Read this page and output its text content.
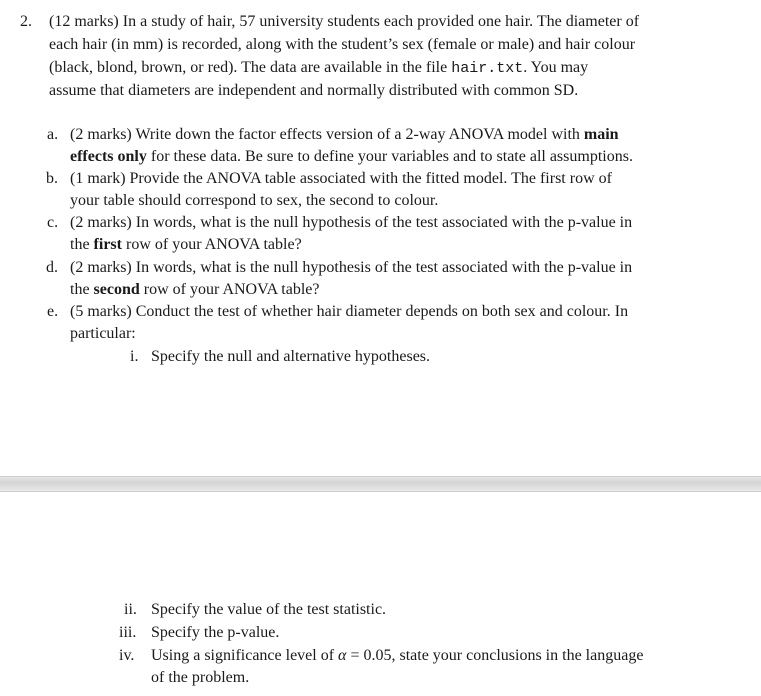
2. (12 marks) In a study of hair, 57 university students each provided one hair. The diameter of
each hair (in mm) is recorded, along with the student’s sex (female or male) and hair colour
(black, blond, brown, or red). The data are available in the file hair.txt. You may
assume that diameters are independent and normally distributed with common SD.
a. (2 marks) Write down the factor effects version of a 2-way ANOVA model with main
effects only for these data. Be sure to define your variables and to state all assumptions.
b. (1 mark) Provide the ANOVA table associated with the fitted model. The first row of
your table should correspond to sex, the second to colour.
c. (2 marks) In words, what is the null hypothesis of the test associated with the p-value in
the first row of your ANOVA table?
d. (2 marks) In words, what is the null hypothesis of the test associated with the p-value in
the second row of your ANOVA table?
e. (5 marks) Conduct the test of whether hair diameter depends on both sex and colour. In
particular:
i. Specify the null and alternative hypotheses.
ii. Specify the value of the test statistic.
iii. Specify the p-value.
iv. Using a significance level of α = 0.05, state your conclusions in the language
of the problem.
